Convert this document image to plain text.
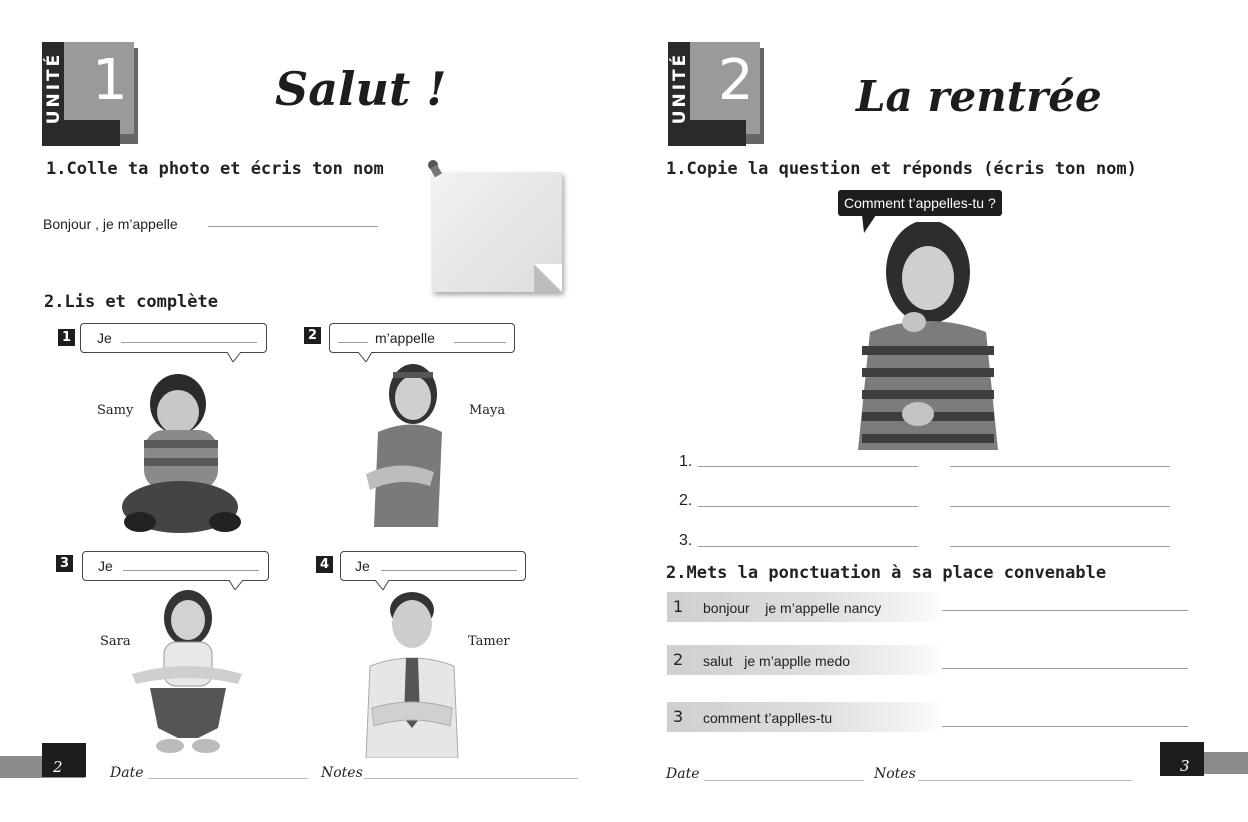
UNITÉ 1	Salut !
1.Colle ta photo et écris ton nom
Bonjour , je m’appelle
2.Lis et complète
1 Je
Samy
2	m’appelle
Maya
3 Je
Sara
4 Je
Tamer
2	Date	Notes
UNITÉ 2 La rentrée
1.Copie la question et réponds (écris ton nom)
Comment t’appelles-tu ?
1.
2.
3.
2.Mets la ponctuation à sa place convenable
1 bonjour    je m’appelle nancy
2 salut   je m’applle medo
3 comment t’applles-tu
Date	Notes	3
